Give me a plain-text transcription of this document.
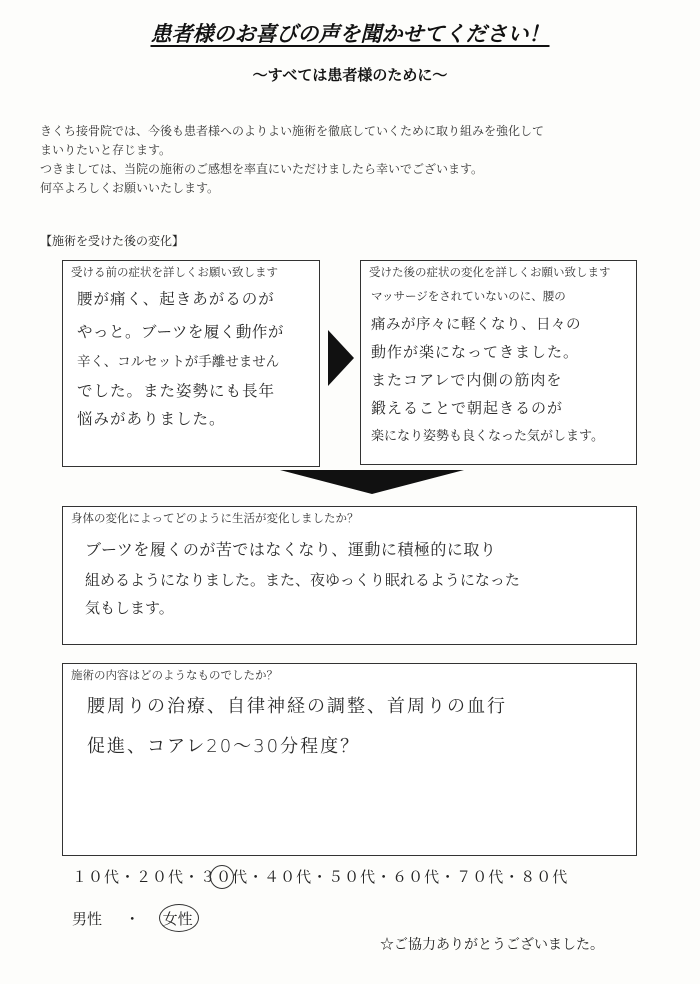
患者様のお喜びの声を聞かせてください！
〜すべては患者様のために〜

きくち接骨院では、今後も患者様へのよりよい施術を徹底していくために取り組みを強化して

まいりたいと存じます。

つきましては、当院の施術のご感想を率直にいただけましたら幸いでございます。

何卒よろしくお願いいたします。

【施術を受けた後の変化】
受ける前の症状を詳しくお願い致します
腰が痛く、起きあがるのが
やっと。ブーツを履く動作が
辛く、コルセットが手離せません
でした。また姿勢にも長年
悩みがありました。
受けた後の症状の変化を詳しくお願い致します
マッサージをされていないのに、腰の
痛みが序々に軽くなり、日々の
動作が楽になってきました。
またコアレで内側の筋肉を
鍛えることで朝起きるのが
楽になり姿勢も良くなった気がします。
身体の変化によってどのように生活が変化しましたか？
ブーツを履くのが苦ではなくなり、運動に積極的に取り
組めるようになりました。また、夜ゆっくり眠れるようになった
気もします。
施術の内容はどのようなものでしたか？
腰周りの治療、自律神経の調整、首周りの血行
促進、コアレ20〜30分程度？
１０代・２０代・３０代
・４０代・５０代・６０代・７０代・８０代
男性 ・ 女性
☆ご協力ありがとうございました。
